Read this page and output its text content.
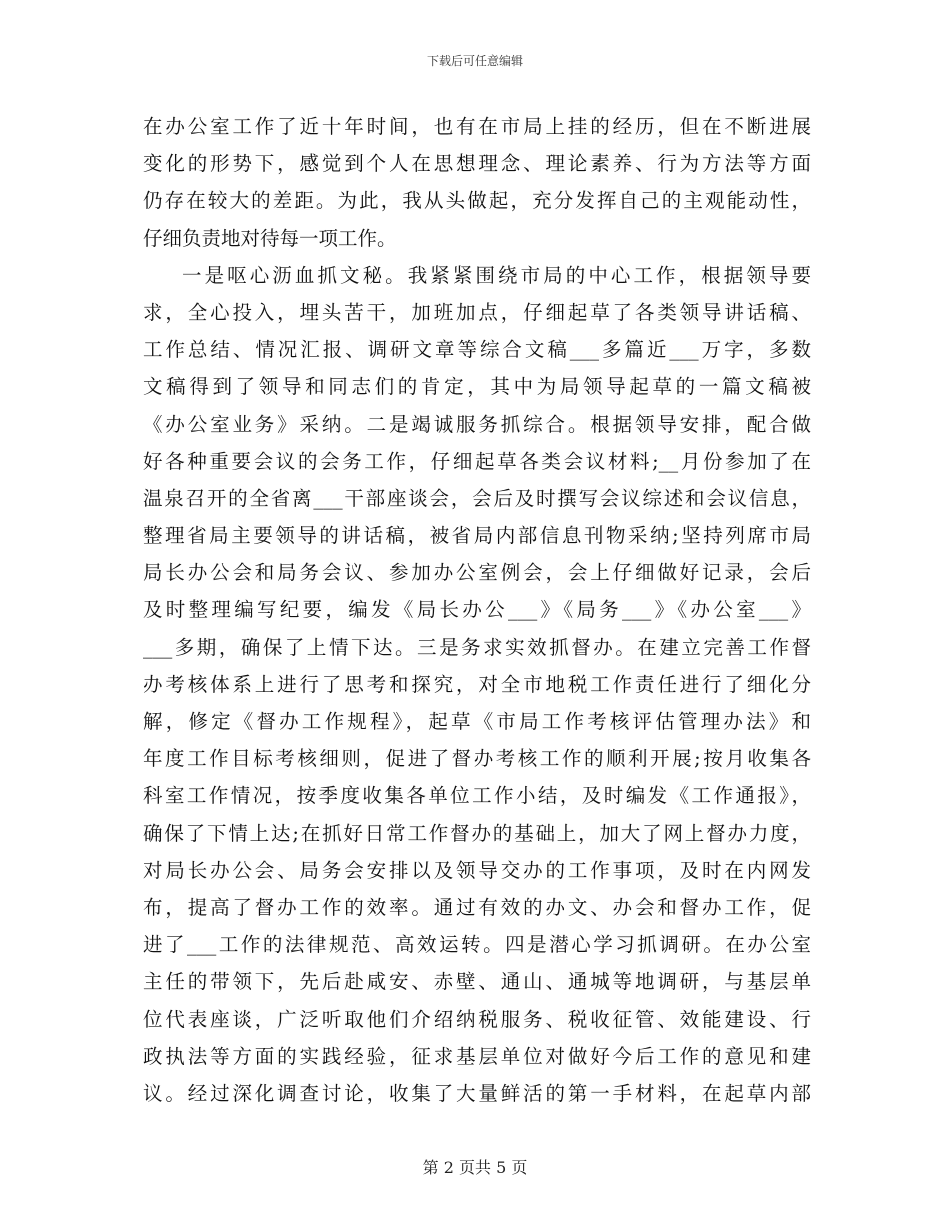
下载后可任意编辑
在办公室工作了近十年时间，也有在市局上挂的经历，但在不断进展
变化的形势下，感觉到个人在思想理念、理论素养、行为方法等方面
仍存在较大的差距。为此，我从头做起，充分发挥自己的主观能动性，
仔细负责地对待每一项工作。
一是呕心沥血抓文秘。我紧紧围绕市局的中心工作，根据领导要
求，全心投入，埋头苦干，加班加点，仔细起草了各类领导讲话稿、
工作总结、情况汇报、调研文章等综合文稿___多篇近___万字，多数
文稿得到了领导和同志们的肯定，其中为局领导起草的一篇文稿被
《办公室业务》采纳。二是竭诚服务抓综合。根据领导安排，配合做
好各种重要会议的会务工作，仔细起草各类会议材料;__月份参加了在
温泉召开的全省离___干部座谈会，会后及时撰写会议综述和会议信息，
整理省局主要领导的讲话稿，被省局内部信息刊物采纳;坚持列席市局
局长办公会和局务会议、参加办公室例会，会上仔细做好记录，会后
及时整理编写纪要，编发《局长办公___》《局务___》《办公室___》
___多期，确保了上情下达。三是务求实效抓督办。在建立完善工作督
办考核体系上进行了思考和探究，对全市地税工作责任进行了细化分
解，修定《督办工作规程》，起草《市局工作考核评估管理办法》和
年度工作目标考核细则，促进了督办考核工作的顺利开展;按月收集各
科室工作情况，按季度收集各单位工作小结，及时编发《工作通报》，
确保了下情上达;在抓好日常工作督办的基础上，加大了网上督办力度，
对局长办公会、局务会安排以及领导交办的工作事项，及时在内网发
布，提高了督办工作的效率。通过有效的办文、办会和督办工作，促
进了___工作的法律规范、高效运转。四是潜心学习抓调研。在办公室
主任的带领下，先后赴咸安、赤壁、通山、通城等地调研，与基层单
位代表座谈，广泛听取他们介绍纳税服务、税收征管、效能建设、行
政执法等方面的实践经验，征求基层单位对做好今后工作的意见和建
议。经过深化调查讨论，收集了大量鲜活的第一手材料，在起草内部
第 2 页共 5 页
